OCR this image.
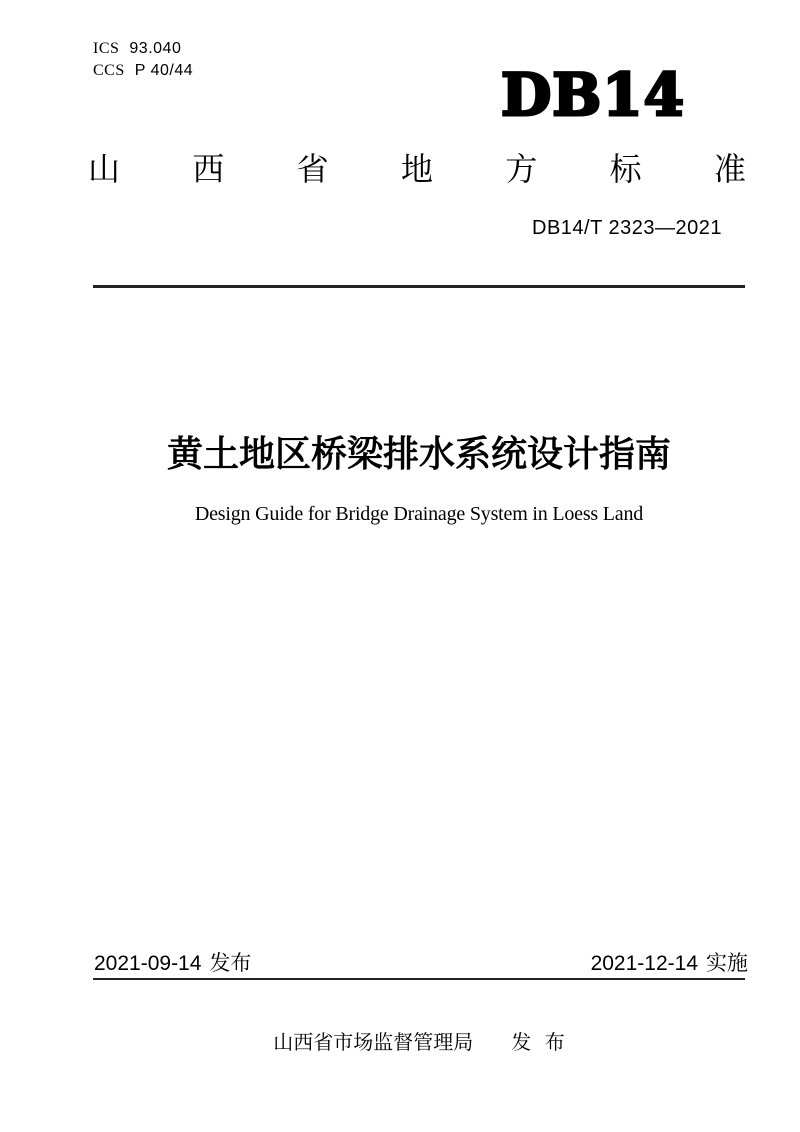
ICS 93.040
CCS P 40/44	DB14
山 西 省 地 方 标 准
DB14/T 2323—2021
黄土地区桥梁排水系统设计指南
Design Guide for Bridge Drainage System in Loess Land
2021-09-14 发布	2021-12-14 实施
山西省市场监督管理局 发 布
